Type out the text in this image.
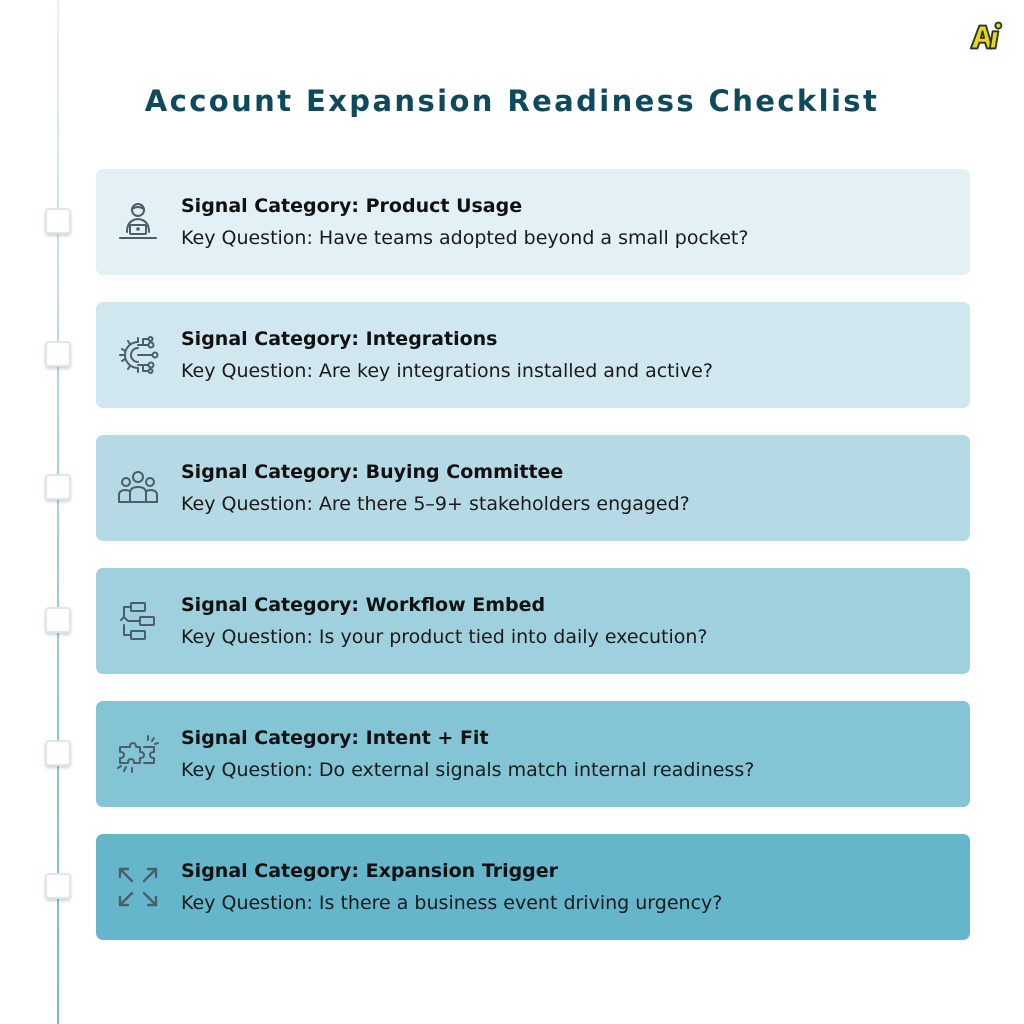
Account Expansion Readiness Checklist
Signal Category: Product Usage
Key Question: Have teams adopted beyond a small pocket?
Signal Category: Integrations
Key Question: Are key integrations installed and active?
Signal Category: Buying Committee
Key Question: Are there 5–9+ stakeholders engaged?
Signal Category: Workflow Embed
Key Question: Is your product tied into daily execution?
Signal Category: Intent + Fit
Key Question: Do external signals match internal readiness?
Signal Category: Expansion Trigger
Key Question: Is there a business event driving urgency?
